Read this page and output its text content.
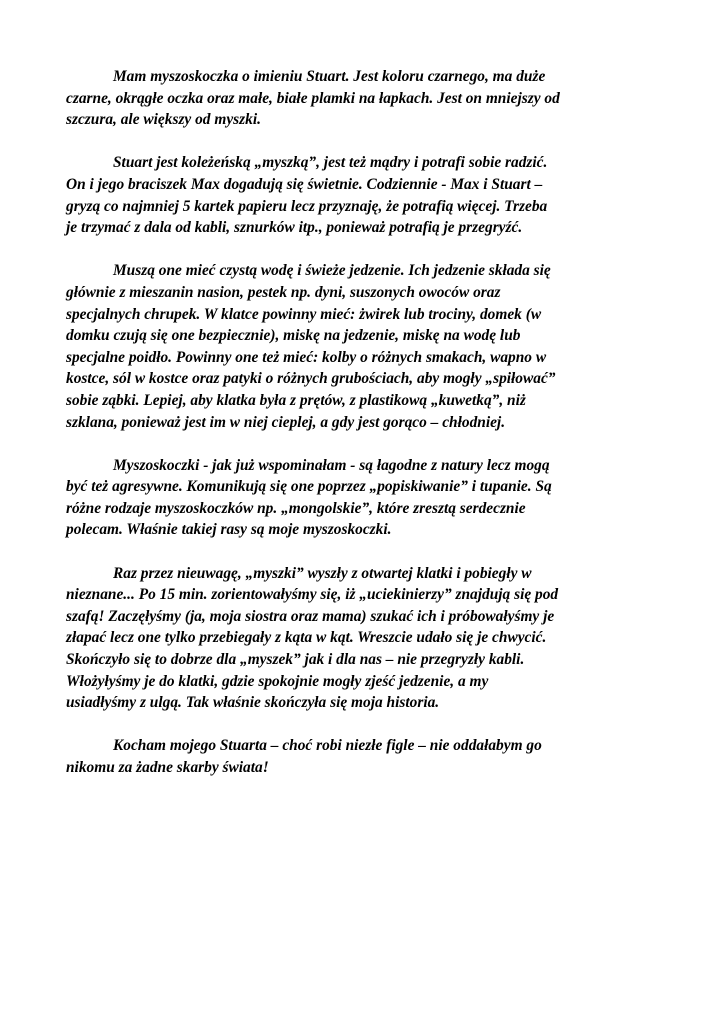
Mam myszoskoczka o imieniu Stuart. Jest koloru czarnego, ma duże
czarne, okrągłe oczka oraz małe, białe plamki na łapkach. Jest on mniejszy od
szczura, ale większy od myszki.
Stuart jest koleżeńską „myszką”, jest też mądry i potrafi sobie radzić.
On i jego braciszek Max dogadują się świetnie. Codziennie - Max i Stuart –
gryzą co najmniej 5 kartek papieru lecz przyznaję, że potrafią więcej. Trzeba
je trzymać z dala od kabli, sznurków itp., ponieważ potrafią je przegryźć.
Muszą one mieć czystą wodę i świeże jedzenie. Ich jedzenie składa się
głównie z mieszanin nasion, pestek np. dyni, suszonych owoców oraz
specjalnych chrupek. W klatce powinny mieć: żwirek lub trociny, domek (w
domku czują się one bezpiecznie), miskę na jedzenie, miskę na wodę lub
specjalne poidło. Powinny one też mieć: kolby o różnych smakach, wapno w
kostce, sól w kostce oraz patyki o różnych grubościach, aby mogły „spiłować”
sobie ząbki. Lepiej, aby klatka była z prętów, z plastikową „kuwetką”, niż
szklana, ponieważ jest im w niej cieplej, a gdy jest gorąco – chłodniej.
Myszoskoczki - jak już wspominałam - są łagodne z natury lecz mogą
być też agresywne. Komunikują się one poprzez „popiskiwanie” i tupanie. Są
różne rodzaje myszoskoczków np. „mongolskie”, które zresztą serdecznie
polecam. Właśnie takiej rasy są moje myszoskoczki.
Raz przez nieuwagę, „myszki” wyszły z otwartej klatki i pobiegły w
nieznane... Po 15 min. zorientowałyśmy się, iż „uciekinierzy” znajdują się pod
szafą! Zaczęłyśmy (ja, moja siostra oraz mama) szukać ich i próbowałyśmy je
złapać lecz one tylko przebiegały z kąta w kąt. Wreszcie udało się je chwycić.
Skończyło się to dobrze dla „myszek” jak i dla nas – nie przegryzły kabli.
Włożyłyśmy je do klatki, gdzie spokojnie mogły zjeść jedzenie, a my
usiadłyśmy z ulgą. Tak właśnie skończyła się moja historia.
Kocham mojego Stuarta – choć robi niezłe figle – nie oddałabym go
nikomu za żadne skarby świata!
